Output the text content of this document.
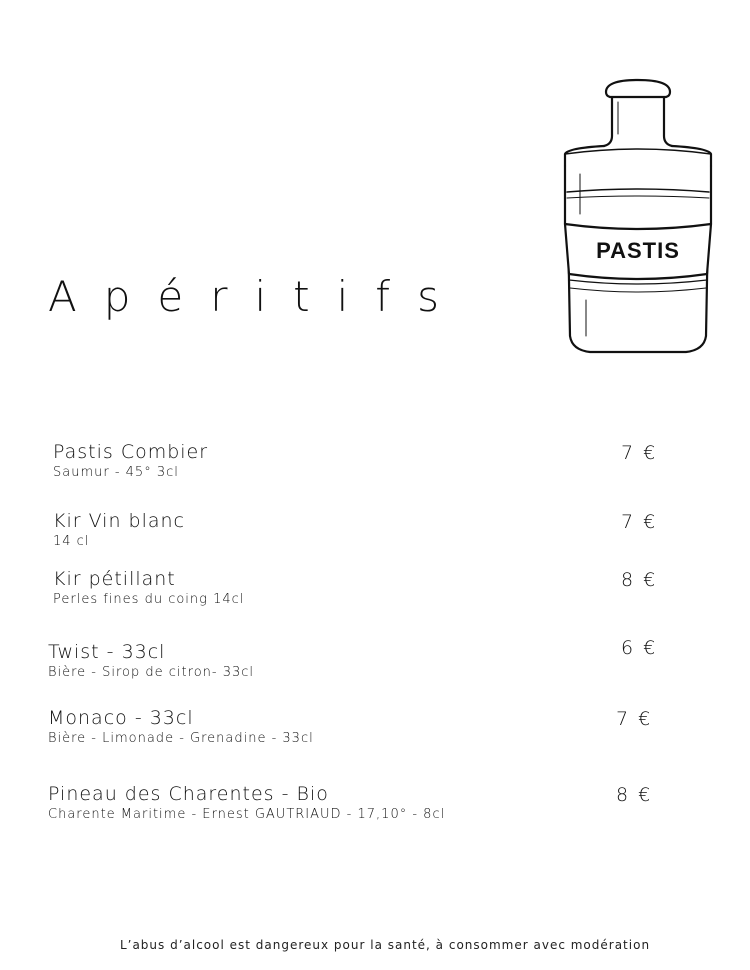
Apéritifs
PASTIS
Pastis Combier
Saumur - 45° 3cl
7 €
Kir Vin blanc
14 cl
7 €
Kir pétillant
Perles fines du coing 14cl
8 €
Twist - 33cl
Bière - Sirop de citron- 33cl
6 €
Monaco - 33cl
Bière - Limonade - Grenadine - 33cl
7 €
Pineau des Charentes - Bio
Charente Maritime - Ernest GAUTRIAUD - 17,10° - 8cl
8 €
L’abus d’alcool est dangereux pour la santé, à consommer avec modération
